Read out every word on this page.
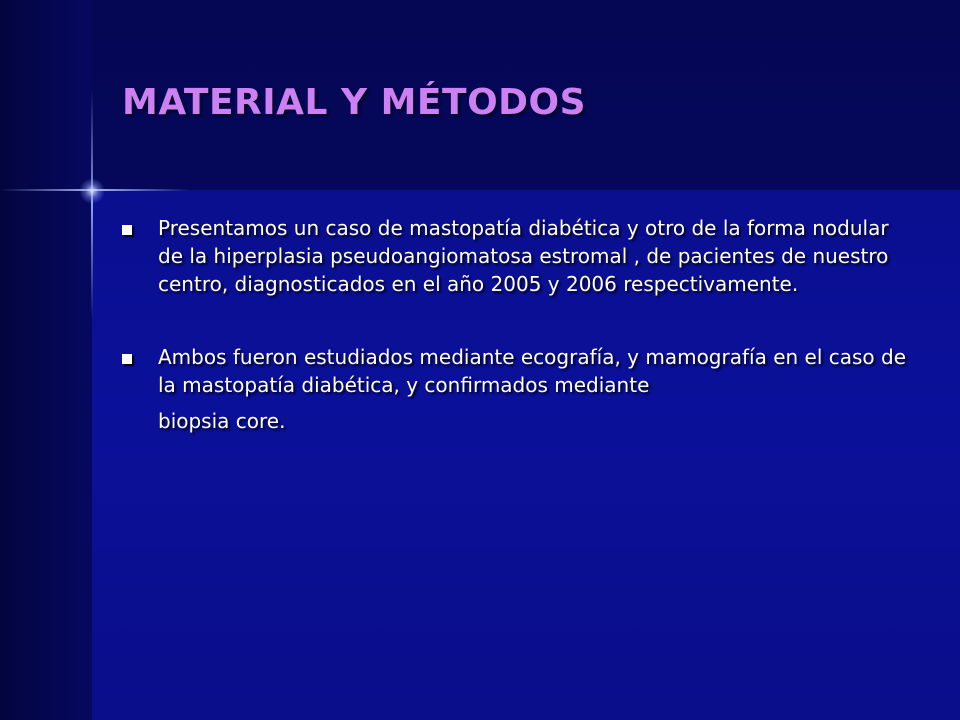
MATERIAL Y MÉTODOS
Presentamos un caso de mastopatía diabética y otro de la forma nodular de la hiperplasia pseudoangiomatosa estromal , de pacientes de nuestro centro, diagnosticados en el año 2005 y 2006 respectivamente.
Ambos fueron estudiados mediante ecografía, y mamografía en el caso de la mastopatía diabética, y confirmados mediante
biopsia core.
